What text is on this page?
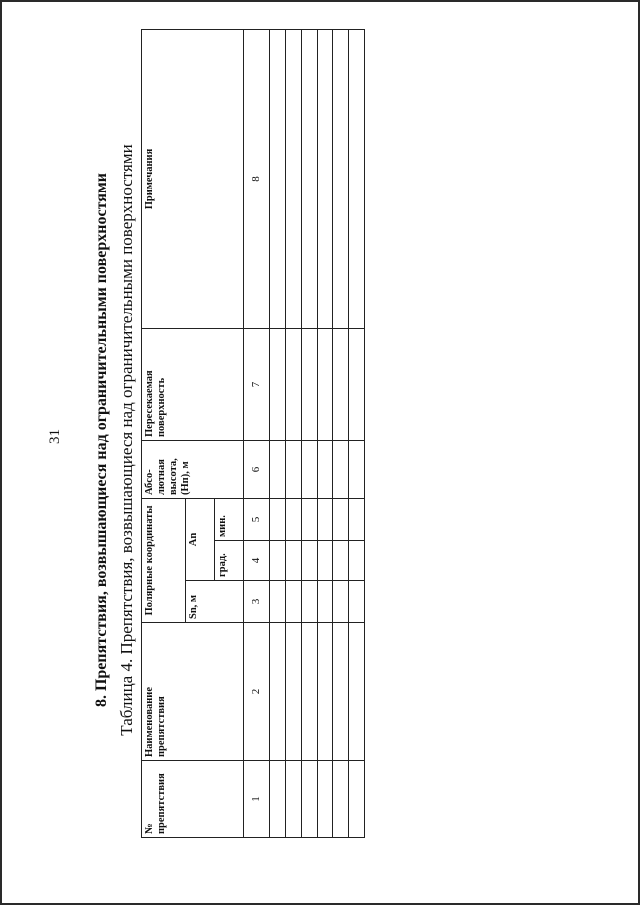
31 8. Препятствия, возвышающиеся над ограничительными поверхностями Таблица 4. Препятствия, возвышающиеся над ограничительными поверхностями
№ препятствия	Наименование препятствия	Полярные координаты			Абсо-лютная высота, (Hп), м	Пересекаемая поверхность	Примечания
		Sn, м	An				
			град.	мин.			
1	2	3	4	5	6	7	8
